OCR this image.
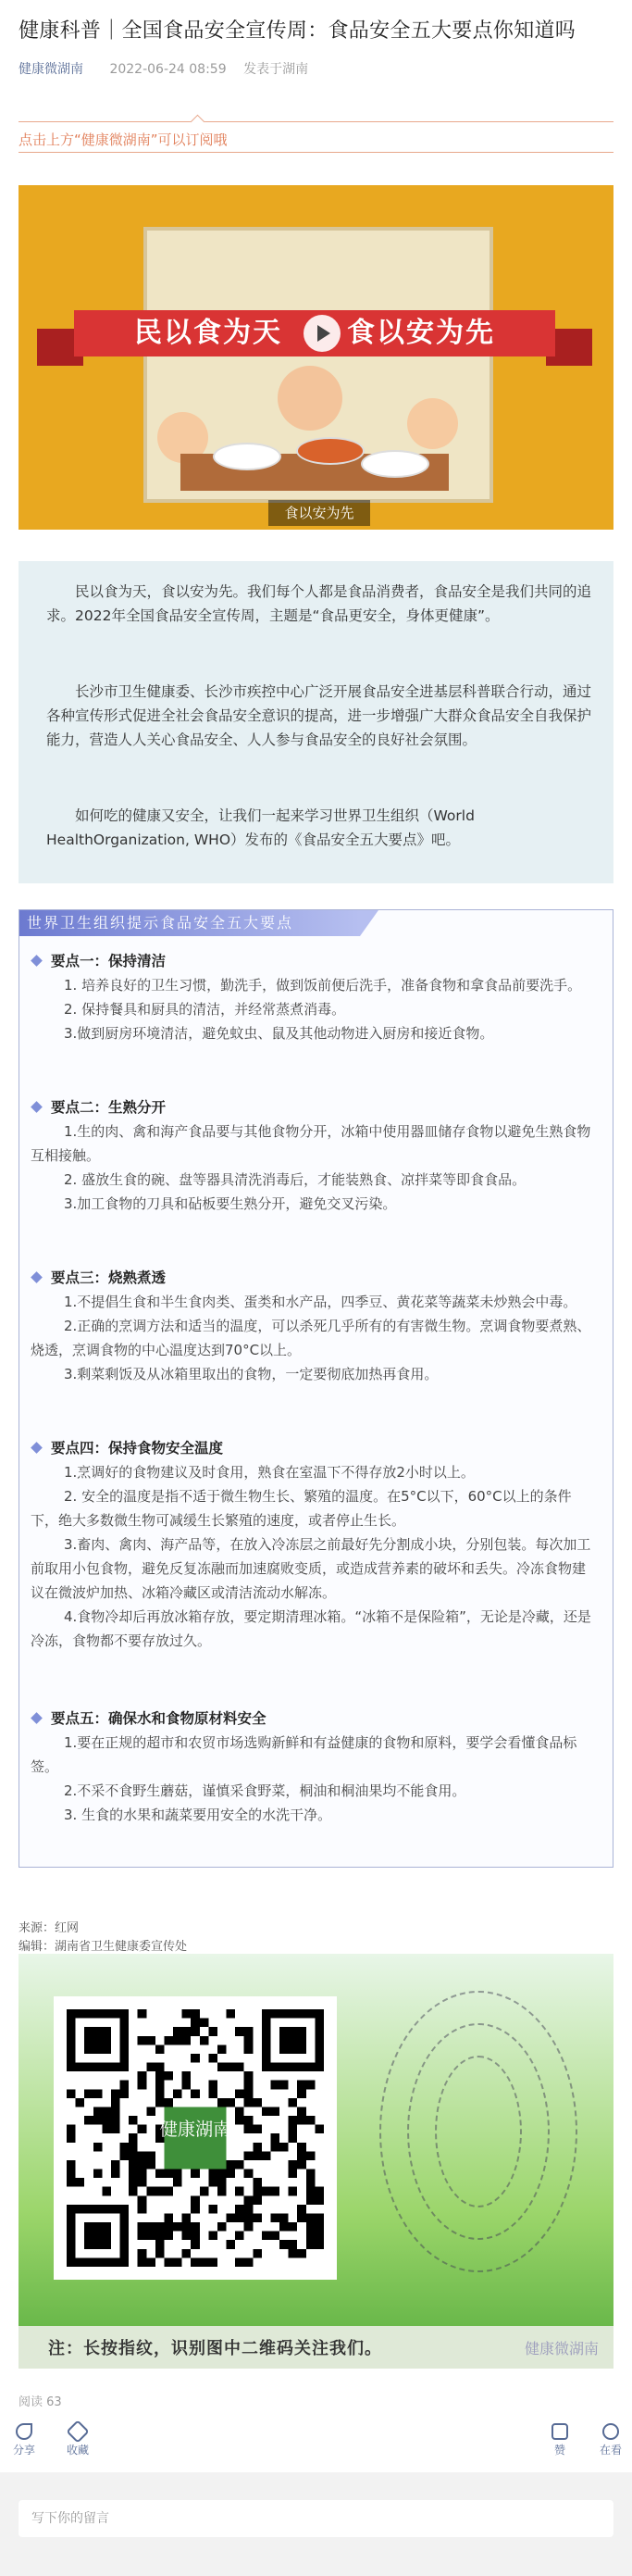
健康科普｜全国食品安全宣传周：食品安全五大要点你知道吗
健康微湖南 2022-06-24 08:59 发表于湖南
点击上方“健康微湖南”可以订阅哦
民以食为天 食以安为先
食以安为先

民以食为天，食以安为先。我们每个人都是食品消费者，食品安全是我们共同的追求。2022年全国食品安全宣传周，主题是“食品更安全，身体更健康”。

长沙市卫生健康委、长沙市疾控中心广泛开展食品安全进基层科普联合行动，通过各种宣传形式促进全社会食品安全意识的提高，进一步增强广大群众食品安全自我保护能力，营造人人关心食品安全、人人参与食品安全的良好社会氛围。

如何吃的健康又安全，让我们一起来学习世界卫生组织（World HealthOrganization, WHO）发布的《食品安全五大要点》吧。

世界卫生组织提示食品安全五大要点
要点一：保持清洁

1. 培养良好的卫生习惯，勤洗手，做到饭前便后洗手，准备食物和拿食品前要洗手。

2. 保持餐具和厨具的清洁，并经常蒸煮消毒。

3.做到厨房环境清洁，避免蚊虫、鼠及其他动物进入厨房和接近食物。

要点二：生熟分开

1.生的肉、禽和海产食品要与其他食物分开，冰箱中使用器皿储存食物以避免生熟食物互相接触。

2. 盛放生食的碗、盘等器具清洗消毒后，才能装熟食、凉拌菜等即食食品。

3.加工食物的刀具和砧板要生熟分开，避免交叉污染。

要点三：烧熟煮透

1.不提倡生食和半生食肉类、蛋类和水产品，四季豆、黄花菜等蔬菜未炒熟会中毒。

2.正确的烹调方法和适当的温度，可以杀死几乎所有的有害微生物。烹调食物要煮熟、烧透，烹调食物的中心温度达到70°C以上。

3.剩菜剩饭及从冰箱里取出的食物，一定要彻底加热再食用。

要点四：保持食物安全温度

1.烹调好的食物建议及时食用，熟食在室温下不得存放2小时以上。

2. 安全的温度是指不适于微生物生长、繁殖的温度。在5°C以下，60°C以上的条件下，绝大多数微生物可减缓生长繁殖的速度，或者停止生长。

3.畜肉、禽肉、海产品等，在放入冷冻层之前最好先分割成小块，分别包装。每次加工前取用小包食物，避免反复冻融而加速腐败变质，或造成营养素的破坏和丢失。冷冻食物建议在微波炉加热、冰箱冷藏区或清洁流动水解冻。

4.食物冷却后再放冰箱存放，要定期清理冰箱。“冰箱不是保险箱”，无论是冷藏，还是冷冻，食物都不要存放过久。

要点五：确保水和食物原材料安全

1.要在正规的超市和农贸市场选购新鲜和有益健康的食物和原料，要学会看懂食品标签。

2.不采不食野生蘑菇，谨慎采食野菜，桐油和桐油果均不能食用。

3. 生食的水果和蔬菜要用安全的水洗干净。

来源：红网
编辑：湖南省卫生健康委宣传处
健康湖南
注：长按指纹，识别图中二维码关注我们。	健康微湖南
阅读 63
分享	收藏	赞	在看
写下你的留言
